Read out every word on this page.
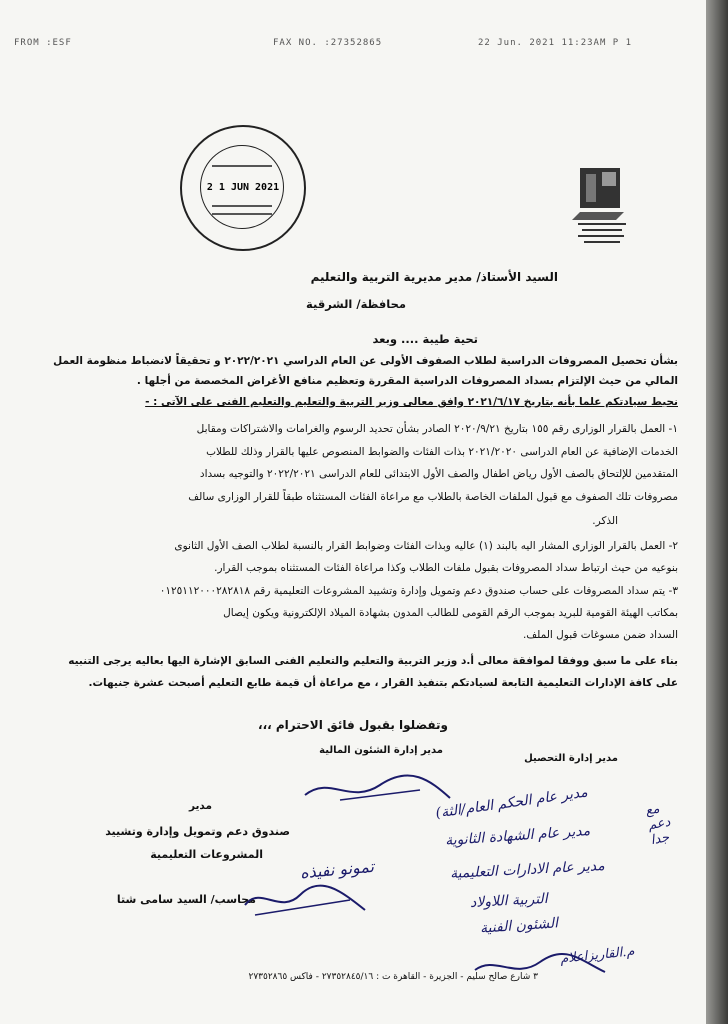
FROM :ESF	FAX NO. :27352865	22 Jun. 2021 11:23AM P 1
2 1 JUN 2021
السيد الأستاذ/ مدير مديرية التربية والتعليم
محافظة/ الشرقية
تحية طيبة .... وبعد
بشأن تحصيل المصروفات الدراسية لطلاب الصفوف الأولى عن العام الدراسي ٢٠٢٢/٢٠٢١ و تحقيقاً لانضباط منظومة العمل
المالي من حيث الإلتزام بسداد المصروفات الدراسية المقررة وتعظيم منافع الأغراض المخصصة من أجلها .
نحيط سيادتكم علما بأنه بتاريخ ٢٠٢١/٦/١٧ وافق معالى وزير التربية والتعليم والتعليم الفنى على الآتى : -
١- العمل بالقرار الوزارى رقم ١٥٥ بتاريخ ٢٠٢٠/٩/٢١ الصادر بشأن تحديد الرسوم والغرامات والاشتراكات ومقابل
الخدمات الإضافية عن العام الدراسى ٢٠٢١/٢٠٢٠ بذات الفئات والضوابط المنصوص عليها بالقرار وذلك للطلاب
المتقدمين للإلتحاق بالصف الأول رياض اطفال والصف الأول الابتدائى للعام الدراسى ٢٠٢٢/٢٠٢١ والتوجيه بسداد
مصروفات تلك الصفوف مع قبول الملفات الخاصة بالطلاب مع مراعاة الفئات المستثناه طبقاً للقرار الوزارى سالف
الذكر.
٢- العمل بالقرار الوزارى المشار اليه بالبند (١) عاليه وبذات الفئات وضوابط القرار بالنسبة لطلاب الصف الأول الثانوى
بنوعيه من حيث ارتباط سداد المصروفات بقبول ملفات الطلاب وكذا مراعاة الفئات المستثناه بموجب القرار.
٣- يتم سداد المصروفات على حساب صندوق دعم وتمويل وإدارة وتشييد المشروعات التعليمية رقم ٠١٢٥١١٢٠٠٠٢٨٢٨١٨
بمكاتب الهيئة القومية للبريد بموجب الرقم القومى للطالب المدون بشهادة الميلاد الإلكترونية ويكون إيصال
السداد ضمن مسوغات قبول الملف.
بناء على ما سبق ووفقا لموافقة معالى أ.د وزير التربية والتعليم والتعليم الفنى السابق الإشارة اليها بعاليه يرجى التنبيه
على كافة الإدارات التعليمية التابعة لسيادتكم بتنفيذ القرار ، مع مراعاة أن قيمة طابع التعليم أصبحت عشرة جنيهات.
وتفضلوا بقبول فائق الاحترام ،،،
مدير إدارة التحصيل
مدير إدارة الشئون المالية
مدير
صندوق دعم وتمويل وإدارة وتشييد
المشروعات التعليمية
محاسب/ السيد سامى شتا
تمونو نفيذه
(مدير عام الحكم العام/الثة
مدير عام الشهادة الثانوية
مدير عام الادارات التعليمية
التربية اللاولاد
الشئون الفنية
م.القاريزاعلام
مع دعم جدا
٣ شارع صالح سليم - الجزيرة - القاهرة ت : ٢٧٣٥٢٨٤٥/١٦ - فاكس ٢٧٣٥٢٨٦٥
